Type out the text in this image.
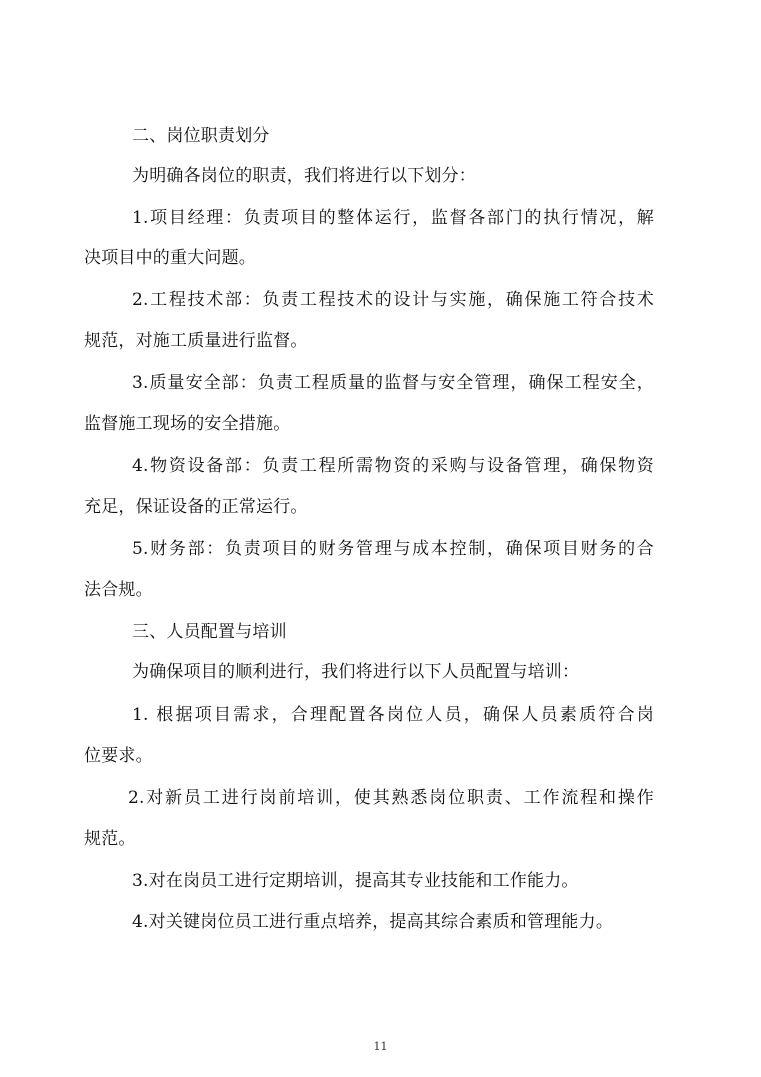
二、岗位职责划分
为明确各岗位的职责，我们将进行以下划分：
1.项目经理：负责项目的整体运行，监督各部门的执行情况，解
决项目中的重大问题。
2.工程技术部：负责工程技术的设计与实施，确保施工符合技术
规范，对施工质量进行监督。
3.质量安全部：负责工程质量的监督与安全管理，确保工程安全，
监督施工现场的安全措施。
4.物资设备部：负责工程所需物资的采购与设备管理，确保物资
充足，保证设备的正常运行。
5.财务部：负责项目的财务管理与成本控制，确保项目财务的合
法合规。
三、人员配置与培训
为确保项目的顺利进行，我们将进行以下人员配置与培训：
1. 根据项目需求，合理配置各岗位人员，确保人员素质符合岗
位要求。
2.对新员工进行岗前培训，使其熟悉岗位职责、工作流程和操作
规范。
3.对在岗员工进行定期培训，提高其专业技能和工作能力。
4.对关键岗位员工进行重点培养，提高其综合素质和管理能力。
11
